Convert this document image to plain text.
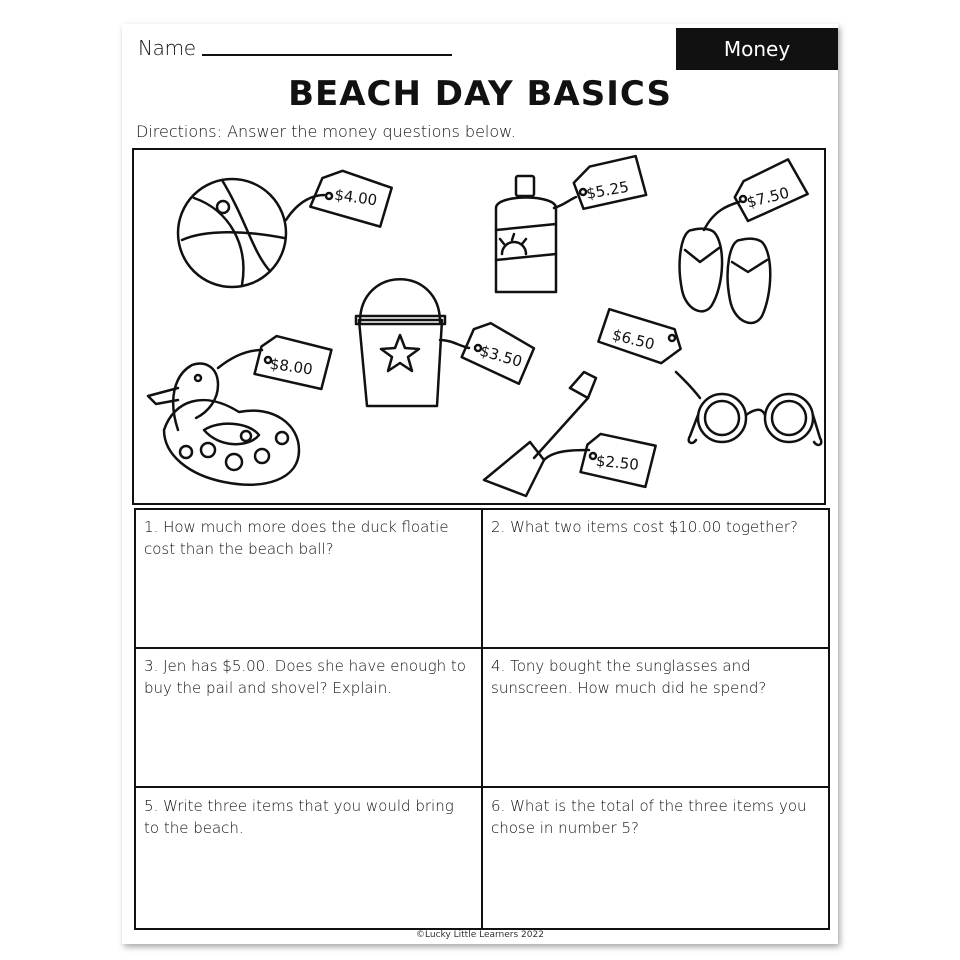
Name	Money
BEACH DAY BASICS
Directions: Answer the money questions below.
$4.00	$5.25	$7.50
$3.50
$8.00
$6.50
$2.50
1. How much more does the duck floatie cost than the beach ball?
2. What two items cost $10.00 together?
3. Jen has $5.00. Does she have enough to buy the pail and shovel? Explain.
4. Tony bought the sunglasses and sunscreen. How much did he spend?
5. Write three items that you would bring to the beach.
6. What is the total of the three items you chose in number 5?
©Lucky Little Learners 2022
